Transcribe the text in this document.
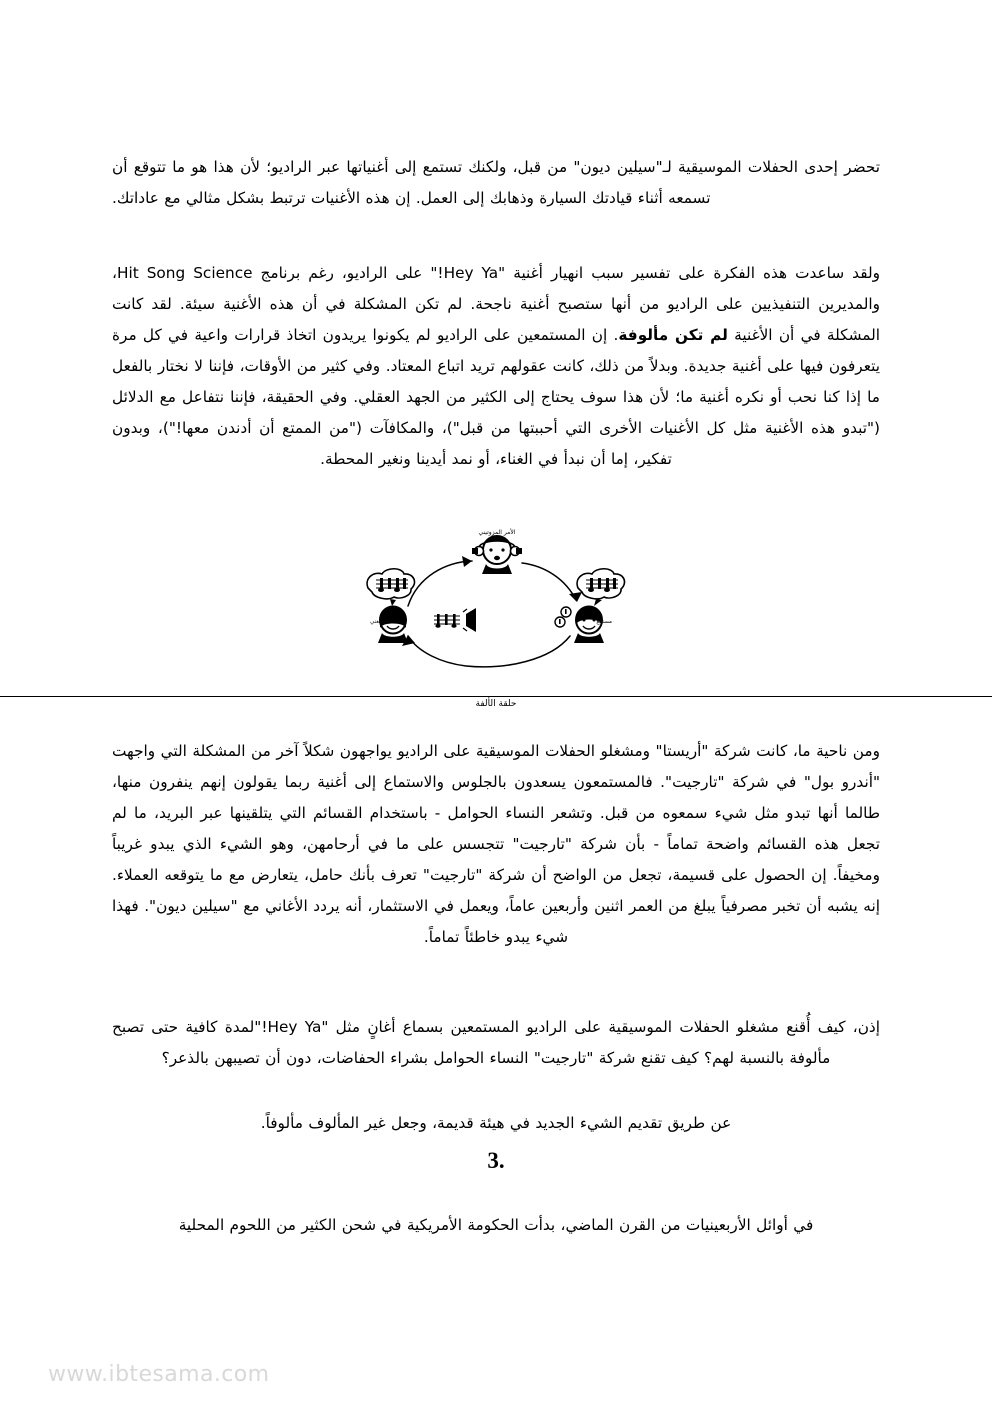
تحضر إحدى الحفلات الموسيقية لـ"سيلين ديون" من قبل، ولكنك تستمع إلى أغنياتها عبر الراديو؛ لأن هذا هو ما تتوقع أن تسمعه أثناء قيادتك السيارة وذهابك إلى العمل. إن هذه الأغنيات ترتبط بشكل مثالي مع عاداتك.

ولقد ساعدت هذه الفكرة على تفسير سبب انهيار أغنية "Hey Ya!" على الراديو، رغم برنامج Hit Song Science، والمديرين التنفيذيين على الراديو من أنها ستصبح أغنية ناجحة. لم تكن المشكلة في أن هذه الأغنية سيئة. لقد كانت المشكلة في أن الأغنية لم تكن مألوفة. إن المستمعين على الراديو لم يكونوا يريدون اتخاذ قرارات واعية في كل مرة يتعرفون فيها على أغنية جديدة. وبدلاً من ذلك، كانت عقولهم تريد اتباع المعتاد. وفي كثير من الأوقات، فإننا لا نختار بالفعل ما إذا كنا نحب أو نكره أغنية ما؛ لأن هذا سوف يحتاج إلى الكثير من الجهد العقلي. وفي الحقيقة، فإننا نتفاعل مع الدلائل ("تبدو هذه الأغنية مثل كل الأغنيات الأخرى التي أحببتها من قبل")، والمكافآت ("من الممتع أن أدندن معها!")، وبدون تفكير، إما أن نبدأ في الغناء، أو نمد أيدينا ونغير المحطة.

الأمر المزوتيني
مغني	مستمع
حلقة الألفة

ومن ناحية ما، كانت شركة "أريستا" ومشغلو الحفلات الموسيقية على الراديو يواجهون شكلاً آخر من المشكلة التي واجهت "أندرو بول" في شركة "تارجيت". فالمستمعون يسعدون بالجلوس والاستماع إلى أغنية ربما يقولون إنهم ينفرون منها، طالما أنها تبدو مثل شيء سمعوه من قبل. وتشعر النساء الحوامل - باستخدام القسائم التي يتلقينها عبر البريد، ما لم تجعل هذه القسائم واضحة تماماً - بأن شركة "تارجيت" تتجسس على ما في أرحامهن، وهو الشيء الذي يبدو غريباً ومخيفاً. إن الحصول على قسيمة، تجعل من الواضح أن شركة "تارجيت" تعرف بأنك حامل، يتعارض مع ما يتوقعه العملاء. إنه يشبه أن تخبر مصرفياً يبلغ من العمر اثنين وأربعين عاماً، ويعمل في الاستثمار، أنه يردد الأغاني مع "سيلين ديون". فهذا شيء يبدو خاطئاً تماماً.

إذن، كيف أُقنع مشغلو الحفلات الموسيقية على الراديو المستمعين بسماع أغانٍ مثل "Hey Ya!"لمدة كافية حتى تصبح مألوفة بالنسبة لهم؟ كيف تقنع شركة "تارجيت" النساء الحوامل بشراء الحفاضات، دون أن تصيبهن بالذعر؟

عن طريق تقديم الشيء الجديد في هيئة قديمة، وجعل غير المألوف مألوفاً.

3.

في أوائل الأربعينيات من القرن الماضي، بدأت الحكومة الأمريكية في شحن الكثير من اللحوم المحلية

www.ibtesama.com
